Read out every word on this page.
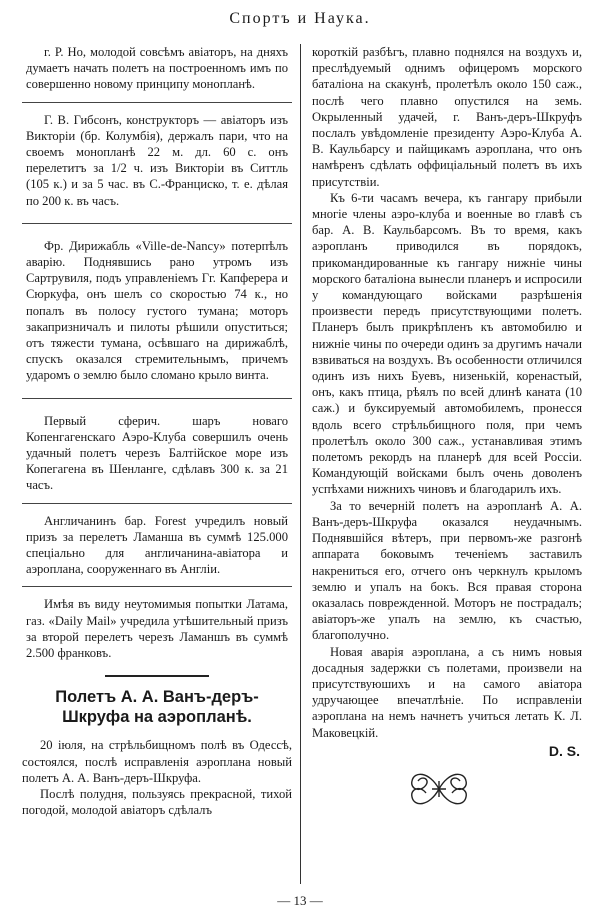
Спортъ и Наука.

г. Р. Но, молодой совсѣмъ авіаторъ, на дняхъ думаетъ начать полетъ на построенномъ имъ по совершенно новому принципу монопланѣ.

Г. В. Гибсонъ, конструкторъ — авіаторъ изъ Викторіи (бр. Колумбія), держалъ пари, что на своемъ монопланѣ 22 м. дл. 60 с. онъ перелетитъ за 1/2 ч. изъ Викторіи въ Ситтль (105 к.) и за 5 час. въ С.-Франциско, т. е. дѣлая по 200 к. въ часъ.

Фр. Дирижабль «Ville-de-Nancy» потерпѣлъ аварію. Поднявшись рано утромъ изъ Сартрувиля, подъ управленіемъ Гг. Капферера и Сюркуфа, онъ шелъ со скоростью 74 к., но попалъ въ полосу густого тумана; моторъ закапризничалъ и пилоты рѣшили опуститься; отъ тяжести тумана, осѣвшаго на дирижаблѣ, спускъ оказался стремительнымъ, причемъ ударомъ о землю было сломано крыло винта.

Первый сферич. шаръ новаго Копенгагенскаго Аэро-Клуба совершилъ очень удачный полетъ черезъ Балтійское море изъ Копегагена въ Шенланге, сдѣлавъ 300 к. за 21 часъ.

Англичанинъ бар. Forest учредилъ новый призъ за перелетъ Ламанша въ суммѣ 125.000 спеціально для англичанина-авіатора и аэроплана, сооруженнаго въ Англіи.

Имѣя въ виду неутомимыя попытки Латама, газ. «Daily Mail» учредила утѣшительный призъ за второй перелетъ черезъ Ламаншъ въ суммѣ 2.500 франковъ.

Полетъ А. А. Ванъ-деръ-Шкруфа на аэропланѣ.

20 іюля, на стрѣльбищномъ полѣ въ Одессѣ, состоялся, послѣ исправленія аэроплана новый полетъ А. А. Ванъ-деръ-Шкруфа.

Послѣ полудня, пользуясь прекрасной, тихой погодой, молодой авіаторъ сдѣлалъ

короткій разбѣгъ, плавно поднялся на воздухъ и, преслѣдуемый однимъ офицеромъ морского баталіона на скакунѣ, пролетѣлъ около 150 саж., послѣ чего плавно опустился на земь. Окрыленный удачей, г. Ванъ-деръ-Шкруфъ послалъ увѣдомленіе президенту Аэро-Клуба А. В. Каульбарсу и пайщикамъ аэроплана, что онъ намѣренъ сдѣлать оффиціальный полетъ въ ихъ присутствіи.

Къ 6-ти часамъ вечера, къ гангару прибыли многіе члены аэро-клуба и военные во главѣ съ бар. А. В. Каульбарсомъ. Въ то время, какъ аэропланъ приводился въ порядокъ, прикомандированные къ гангару нижніе чины морского баталіона вынесли планеръ и испросили у командующаго войсками разрѣшенія произвести передъ присутствующими полетъ. Планеръ былъ прикрѣпленъ къ автомобилю и нижніе чины по очереди одинъ за другимъ начали взвиваться на воздухъ. Въ особенности отличился одинъ изъ нихъ Буевъ, низенькій, коренастый, онъ, какъ птица, рѣялъ по всей длинѣ каната (10 саж.) и буксируемый автомобилемъ, пронесся вдоль всего стрѣльбищного поля, при чемъ пролетѣлъ около 300 саж., устанавливая этимъ полетомъ рекордъ на планерѣ для всей Россіи. Командующій войсками былъ очень доволенъ успѣхами нижнихъ чиновъ и благодарилъ ихъ.

За то вечерній полетъ на аэропланѣ А. А. Ванъ-деръ-Шкруфа оказался неудачнымъ. Поднявшійся вѣтеръ, при первомъ-же разгонѣ аппарата боковымъ теченіемъ заставилъ накрениться его, отчего онъ черкнулъ крыломъ землю и упалъ на бокъ. Вся правая сторона оказалась поврежденной. Моторъ не пострадалъ; авіаторъ-же упалъ на землю, къ счастью, благополучно.

Новая аварія аэроплана, а съ нимъ новыя досадныя задержки съ полетами, произвели на присутствуюшихъ и на самого авіатора удручающее впечатлѣніе. По исправленіи аэроплана на немъ начнетъ учиться летать К. Л. Маковецкій.

D. S.
— 13 —
